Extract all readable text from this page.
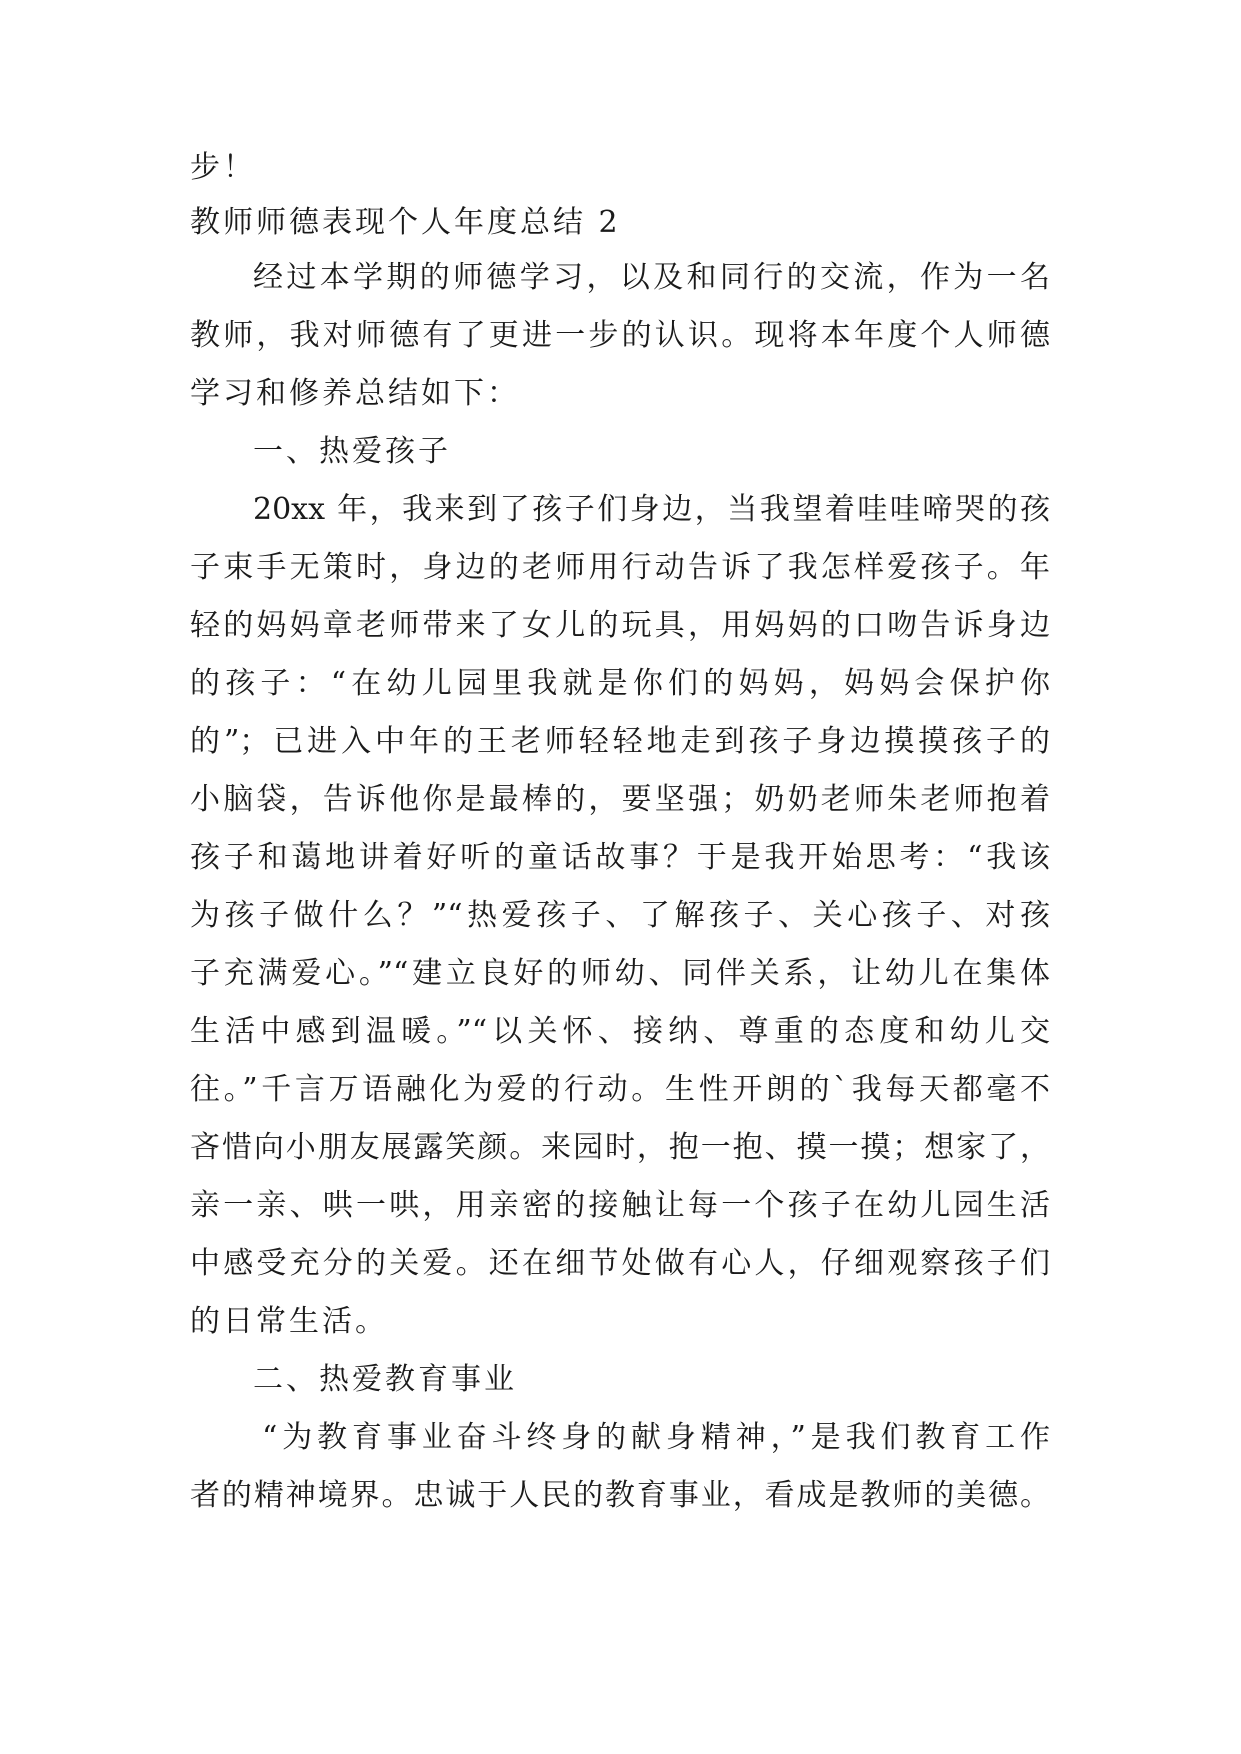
步！
教师师德表现个人年度总结 2
经过本学期的师德学习，以及和同行的交流，作为一名
教师，我对师德有了更进一步的认识。现将本年度个人师德
学习和修养总结如下：
一、热爱孩子
20xx 年，我来到了孩子们身边，当我望着哇哇啼哭的孩
子束手无策时，身边的老师用行动告诉了我怎样爱孩子。年
轻的妈妈章老师带来了女儿的玩具，用妈妈的口吻告诉身边
的孩子：“在幼儿园里我就是你们的妈妈，妈妈会保护你
的”；已进入中年的王老师轻轻地走到孩子身边摸摸孩子的
小脑袋，告诉他你是最棒的，要坚强；奶奶老师朱老师抱着
孩子和蔼地讲着好听的童话故事？于是我开始思考：“我该
为孩子做什么？”“热爱孩子、了解孩子、关心孩子、对孩
子充满爱心。”“建立良好的师幼、同伴关系，让幼儿在集体
生活中感到温暖。”“以关怀、接纳、尊重的态度和幼儿交
往。”千言万语融化为爱的行动。生性开朗的`我每天都毫不
吝惜向小朋友展露笑颜。来园时，抱一抱、摸一摸；想家了，
亲一亲、哄一哄，用亲密的接触让每一个孩子在幼儿园生活
中感受充分的关爱。还在细节处做有心人，仔细观察孩子们
的日常生活。
二、热爱教育事业
“为教育事业奋斗终身的献身精神，”是我们教育工作
者的精神境界。忠诚于人民的教育事业，看成是教师的美德。
